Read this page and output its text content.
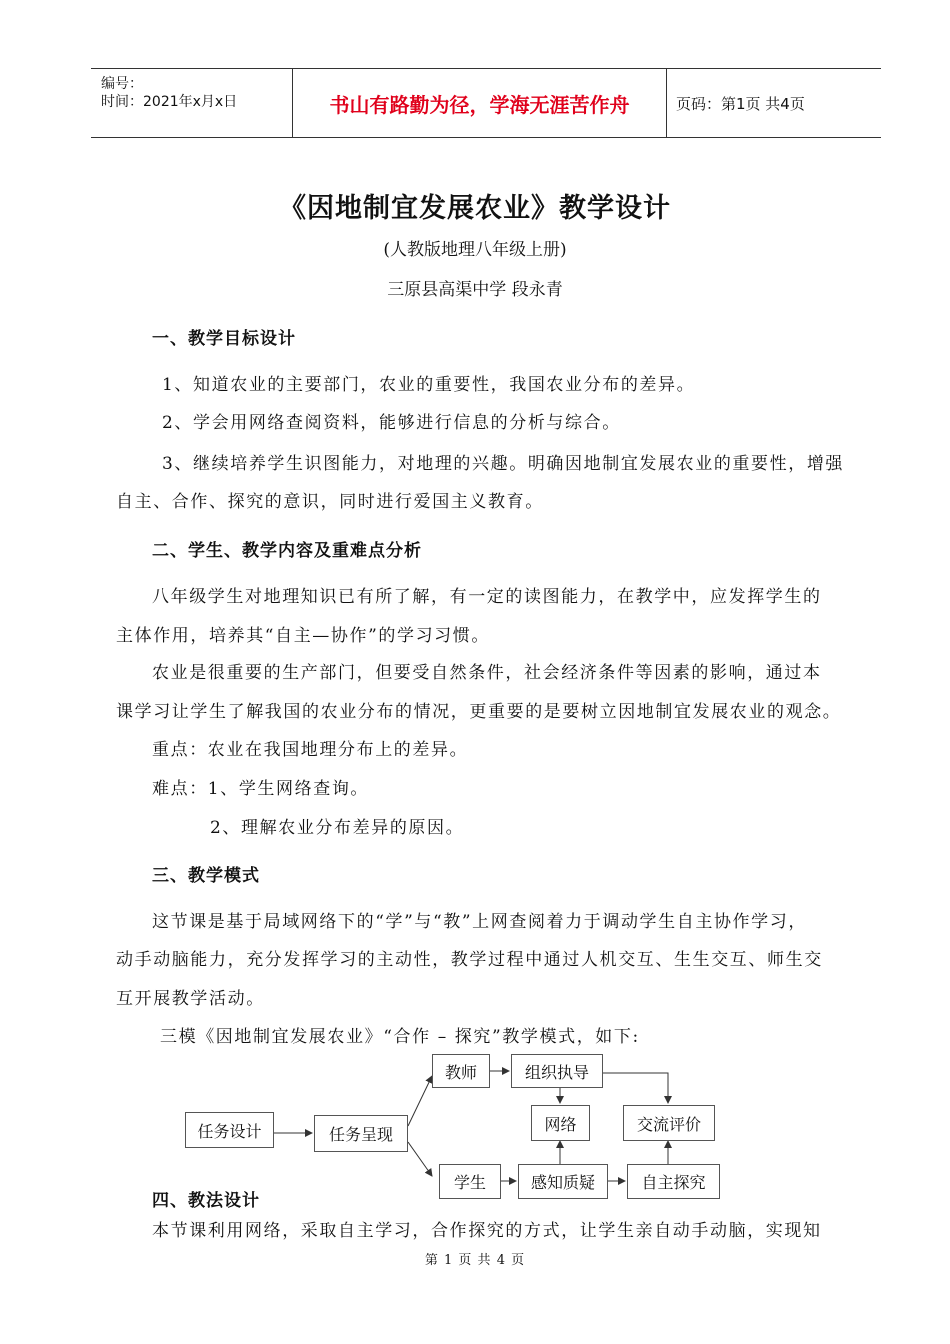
编号：
时间：2021年x月x日	书山有路勤为径，学海无涯苦作舟	页码：第1页 共4页
《因地制宜发展农业》教学设计
(人教版地理八年级上册)
三原县高渠中学 段永青
一、教学目标设计
1、知道农业的主要部门，农业的重要性，我国农业分布的差异。
2、学会用网络查阅资料，能够进行信息的分析与综合。
3、继续培养学生识图能力，对地理的兴趣。明确因地制宜发展农业的重要性，增强
自主、合作、探究的意识，同时进行爱国主义教育。
二、学生、教学内容及重难点分析
八年级学生对地理知识已有所了解，有一定的读图能力，在教学中，应发挥学生的
主体作用，培养其“自主—协作”的学习习惯。
农业是很重要的生产部门，但要受自然条件，社会经济条件等因素的影响，通过本
课学习让学生了解我国的农业分布的情况，更重要的是要树立因地制宜发展农业的观念。
重点：农业在我国地理分布上的差异。
难点：1、学生网络查询。
2、理解农业分布差异的原因。
三、教学模式
这节课是基于局域网络下的“学”与“教”上网查阅着力于调动学生自主协作学习，
动手动脑能力，充分发挥学习的主动性，教学过程中通过人机交互、生生交互、师生交
互开展教学活动。
三模《因地制宜发展农业》“合作 – 探究”教学模式，如下:
任务设计	任务呈现
教师	组织执导
网络	交流评价
学生	感知质疑	自主探究
四、教法设计
本节课利用网络，采取自主学习，合作探究的方式，让学生亲自动手动脑，实现知
第 1 页 共 4 页
